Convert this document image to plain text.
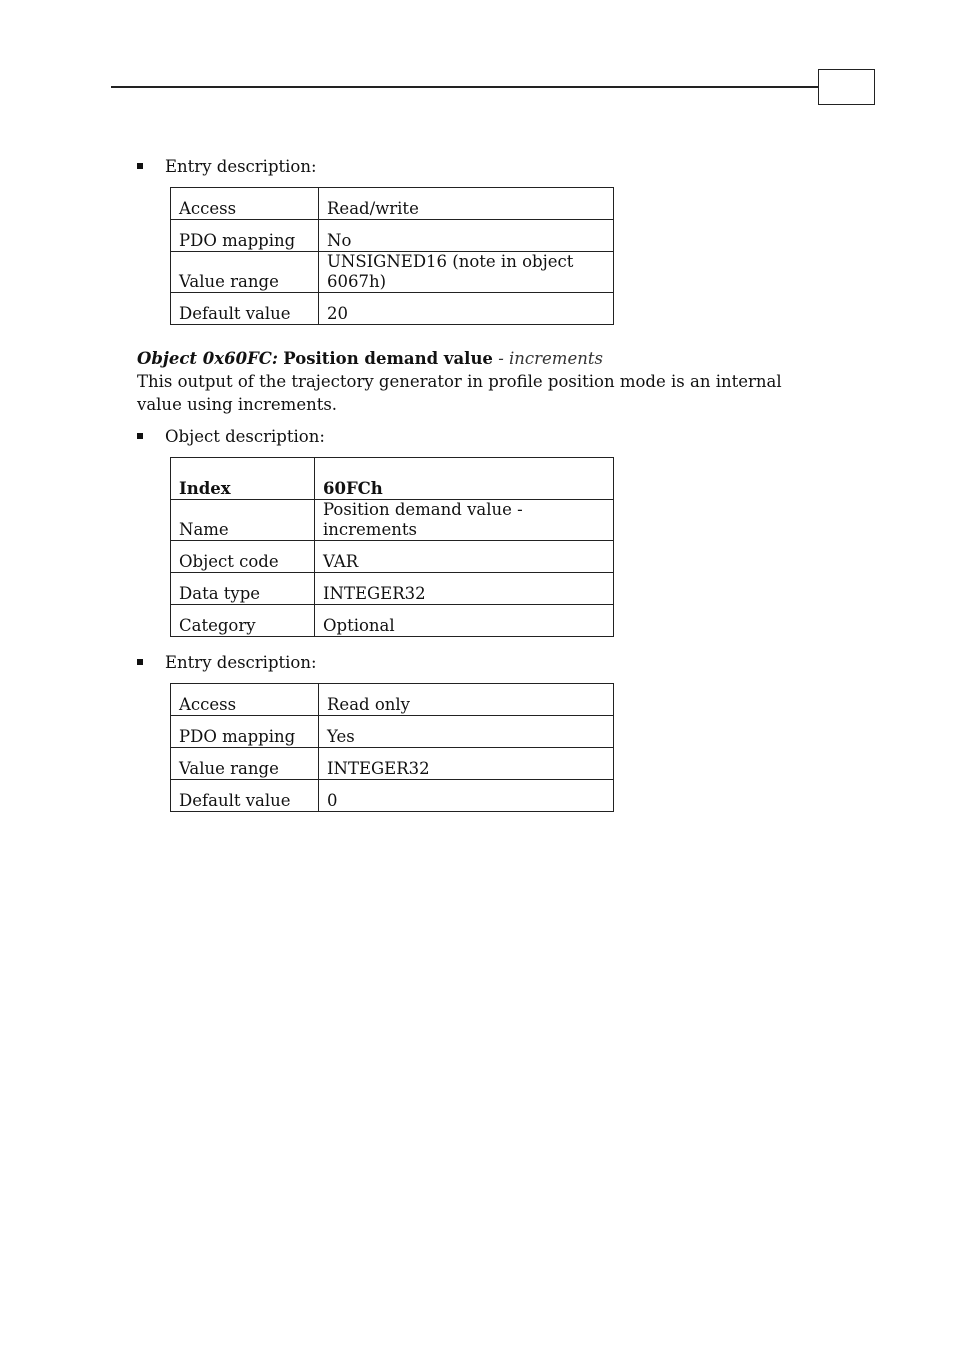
Entry description:
Access	Read/write
PDO mapping	No
Value range	UNSIGNED16 (note in object 6067h)
Default value	20
Object 0x60FC: Position demand value - increments
This output of the trajectory generator in profile position mode is an internal value using increments.
Object description:
Index	60FCh
Name	Position demand value - increments
Object code	VAR
Data type	INTEGER32
Category	Optional
Entry description:
Access	Read only
PDO mapping	Yes
Value range	INTEGER32
Default value	0
